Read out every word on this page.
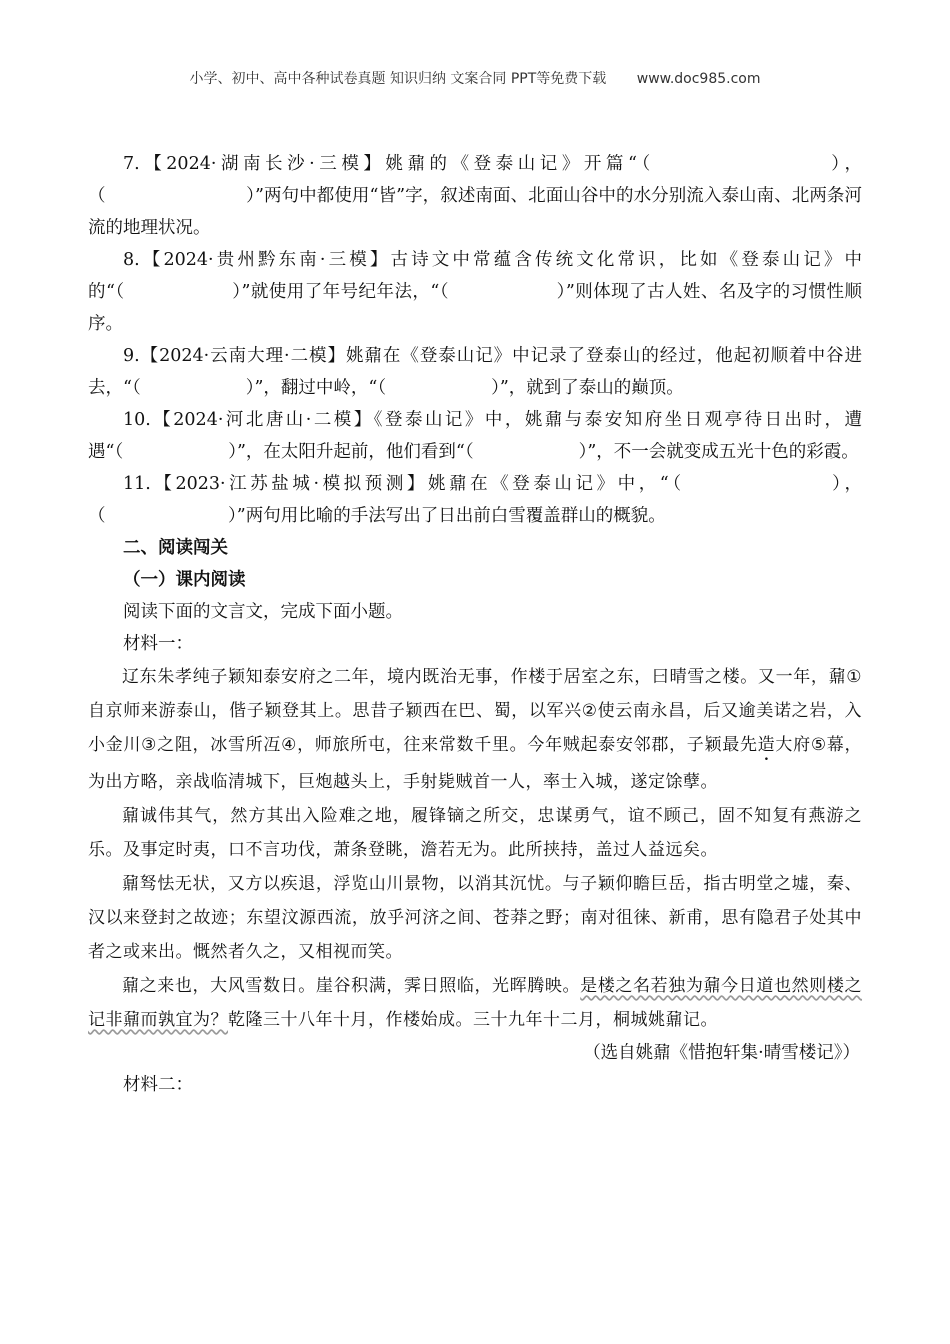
小学、初中、高中各种试卷真题 知识归纳 文案合同 PPT等免费下载 www.doc985.com

7.【2024·湖南长沙·三模】姚鼐的《登泰山记》开篇“（　　　　　　　　），（　　　　　　　　）”两句中都使用“皆”字，叙述南面、北面山谷中的水分别流入泰山南、北两条河流的地理状况。

8.【2024·贵州黔东南·三模】古诗文中常蕴含传统文化常识，比如《登泰山记》中的“（　　　　　　）”就使用了年号纪年法，“（　　　　　　）”则体现了古人姓、名及字的习惯性顺序。

9.【2024·云南大理·二模】姚鼐在《登泰山记》中记录了登泰山的经过，他起初顺着中谷进去，“（　　　　　　）”，翻过中岭，“（　　　　　　）”，就到了泰山的巅顶。

10.【2024·河北唐山·二模】《登泰山记》中，姚鼐与泰安知府坐日观亭待日出时，遭遇“（　　　　　　）”，在太阳升起前，他们看到“（　　　　　　）”，不一会就变成五光十色的彩霞。

11.【2023·江苏盐城·模拟预测】姚鼐在《登泰山记》中，“（　　　　　　　），（　　　　　　　）”两句用比喻的手法写出了日出前白雪覆盖群山的概貌。

二、阅读闯关

（一）课内阅读

阅读下面的文言文，完成下面小题。

材料一：

辽东朱孝纯子颖知泰安府之二年，境内既治无事，作楼于居室之东，曰晴雪之楼。又一年，鼐①自京师来游泰山，偕子颖登其上。思昔子颖西在巴、蜀，以军兴②使云南永昌，后又逾美诺之岩，入小金川③之阻，冰雪所冱④，师旅所屯，往来常数千里。今年贼起泰安邻郡，子颖最先造大府⑤幕，为出方略，亲战临清城下，巨炮越头上，手射毙贼首一人，率士入城，遂定馀孽。

鼐诚伟其气，然方其出入险难之地，履锋镝之所交，忠谋勇气，谊不顾己，固不知复有燕游之乐。及事定时夷，口不言功伐，萧条登眺，澹若无为。此所挟持，盖过人益远矣。

鼐驽怯无状，又方以疾退，浮览山川景物，以消其沉忧。与子颖仰瞻巨岳，指古明堂之墟，秦、汉以来登封之故迹；东望汶源西流，放乎河济之间、苍莽之野；南对徂徕、新甫，思有隐君子处其中者之或来出。慨然者久之，又相视而笑。

鼐之来也，大风雪数日。崖谷积满，霁日照临，光晖腾映。是楼之名若独为鼐今日道也然则楼之记非鼐而孰宜为？乾隆三十八年十月，作楼始成。三十九年十二月，桐城姚鼐记。

（选自姚鼐《惜抱轩集·晴雪楼记》）

材料二：
